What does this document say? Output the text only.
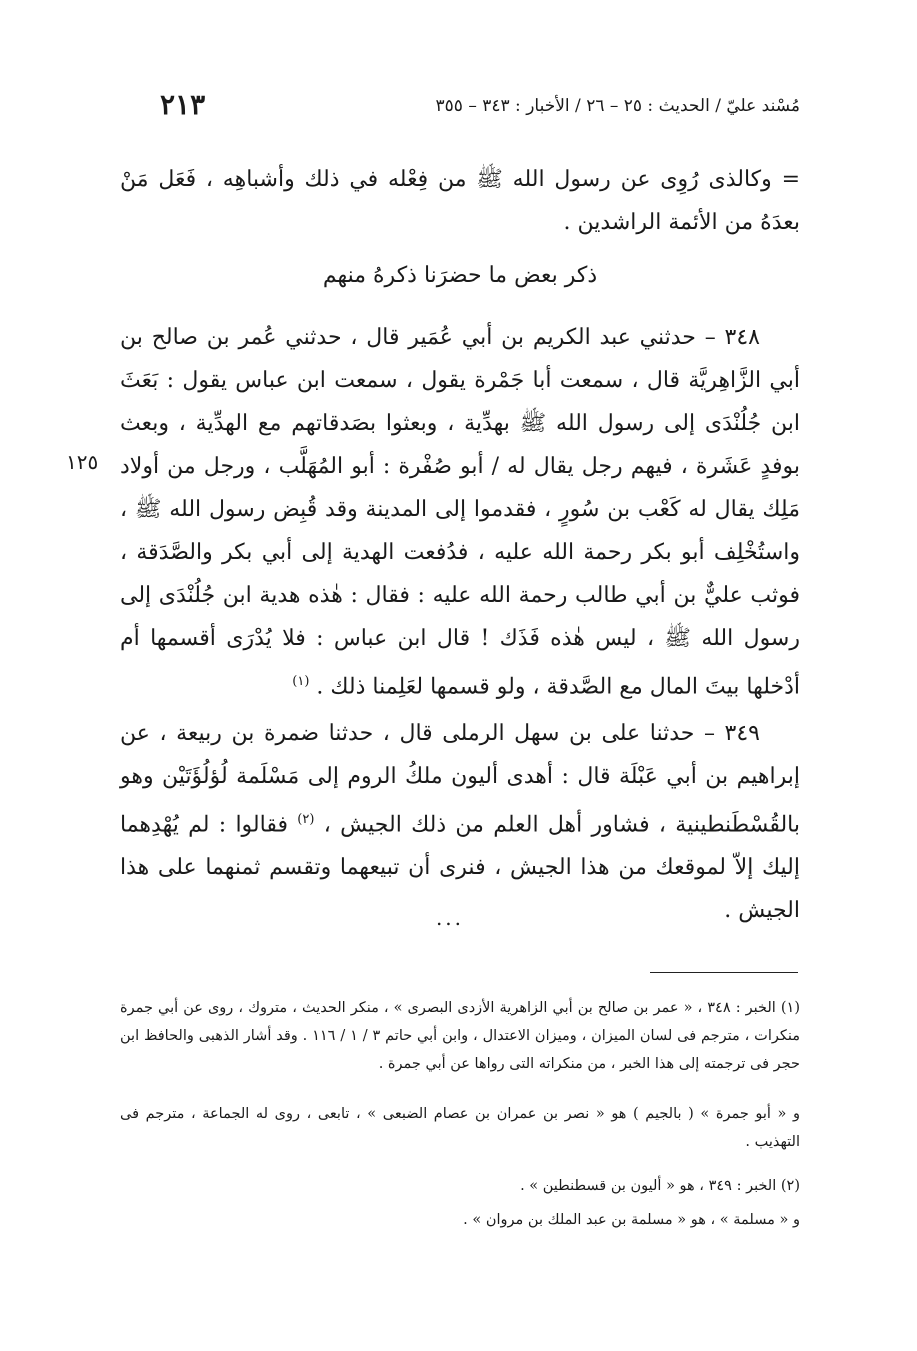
٢١٣	مُسْند عليّ / الحديث : ٢٥ – ٢٦ / الأخبار : ٣٤٣ – ٣٥٥
= وكالذى رُوِى عن رسول الله ﷺ من فِعْله في ذلك وأشباهِه ، فَعَل مَنْ بعدَهُ من الأئمة الراشدين .
ذكر بعض ما حضرَنا ذكرهُ منهم
٣٤٨ – حدثني عبد الكريم بن أبي عُمَير قال ، حدثني عُمر بن صالح بن أبي الزَّاهِريَّة قال ، سمعت أبا جَمْرة يقول ، سمعت ابن عباس يقول : بَعَثَ ابن جُلُنْدَى إلى رسول الله ﷺ بهدِّية ، وبعثوا بصَدقاتهم مع الهدِّية ، وبعث بوفدٍ عَشَرة ، فيهم رجل يقال له / أبو صُفْرة : أبو المُهَلَّب ، ورجل من أولاد مَلِك يقال له كَعْب بن سُورٍ ، فقدموا إلى المدينة وقد قُبِض رسول الله ﷺ ، واستُخْلِف أبو بكر رحمة الله عليه ، فدُفعت الهدية إلى أبي بكر والصَّدَقة ، فوثب عليٌّ بن أبي طالب رحمة الله عليه : فقال : هٰذه هدية ابن جُلُنْدَى إلى رسول الله ﷺ ، ليس هٰذه فَذَك ! قال ابن عباس : فلا يُدْرَى أقسمها أم أدْخلها بيتَ المال مع الصَّدقة ، ولو قسمها لعَلِمنا ذلك . $^{(١)}$
١٢٥
٣٤٩ – حدثنا على بن سهل الرملى قال ، حدثنا ضمرة بن ربيعة ، عن إبراهيم بن أبي عَبْلَة قال : أهدى أليون ملكُ الروم إلى مَسْلَمة لُؤلُؤَتَيْن وهو بالقُسْطَنطينية ، فشاور أهل العلم من ذلك الجيش ، $^{(٢)}$ فقالوا : لم يُهْدِهما إليك إلاّ لموقعك من هذا الجيش ، فنرى أن تبيعهما وتقسم ثمنهما على هذا الجيش .
...

(١) الخبر : ٣٤٨ ، « عمر بن صالح بن أبي الزاهرية الأزدى البصرى » ، منكر الحديث ، متروك ، روى عن أبي جمرة منكرات ، مترجم فى لسان الميزان ، وميزان الاعتدال ، وابن أبي حاتم ٣ / ١ / ١١٦ . وقد أشار الذهبى والحافظ ابن حجر فى ترجمته إلى هذا الخبر ، من منكراته التى رواها عن أبي جمرة .

و « أبو جمرة » ( بالجيم ) هو « نصر بن عمران بن عصام الضبعى » ، تابعى ، روى له الجماعة ، مترجم فى التهذيب .

(٢) الخبر : ٣٤٩ ، هو « أليون بن قسطنطين » .

و « مسلمة » ، هو « مسلمة بن عبد الملك بن مروان » .
